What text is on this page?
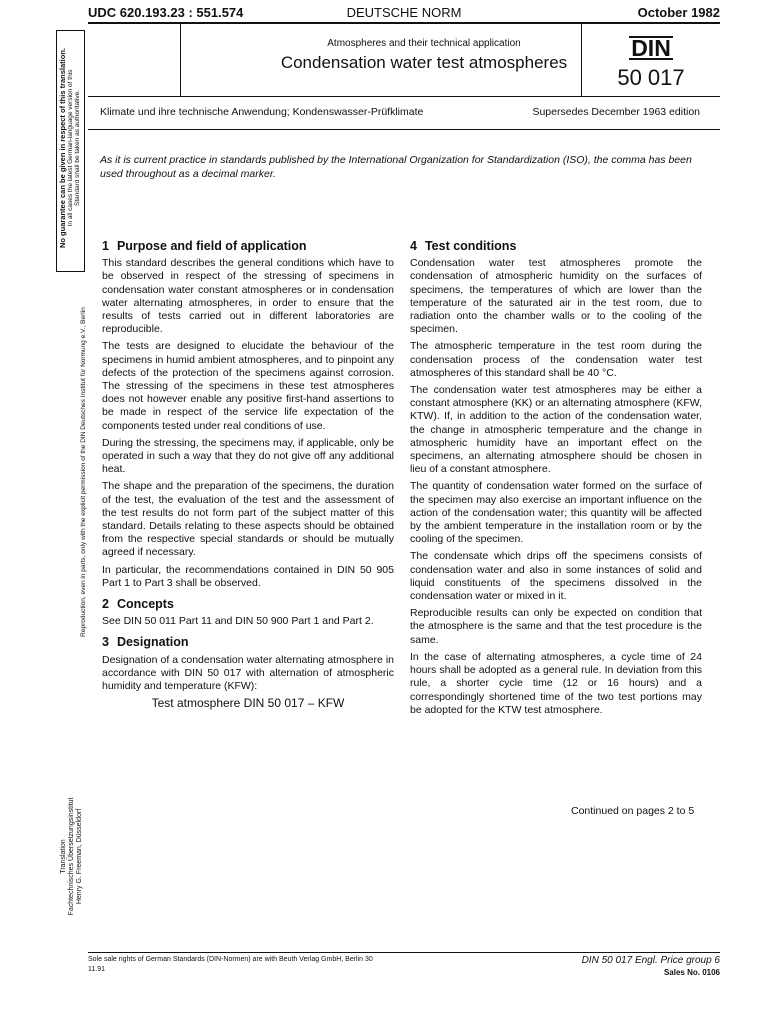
UDC 620.193.23 : 551.574	DEUTSCHE NORM	October 1982
Atmospheres and their technical application
Condensation water test atmospheres
DIN
50 017
Klimate und ihre technische Anwendung; Kondenswasser-Prüfklimate	Supersedes December 1963 edition
As it is current practice in standards published by the International Organization for Standardization (ISO), the comma has been used throughout as a decimal marker.
1 Purpose and field of application

This standard describes the general conditions which have to be observed in respect of the stressing of specimens in condensation water constant atmospheres or in condensation water alternating atmospheres, in order to ensure that the results of tests carried out in different laboratories are reproducible.

The tests are designed to elucidate the behaviour of the specimens in humid ambient atmospheres, and to pinpoint any defects of the protection of the specimens against corrosion. The stressing of the specimens in these test atmospheres does not however enable any positive first-hand assertions to be made in respect of the service life expectation of the components tested under real conditions of use.

During the stressing, the specimens may, if applicable, only be operated in such a way that they do not give off any additional heat.

The shape and the preparation of the specimens, the duration of the test, the evaluation of the test and the assessment of the test results do not form part of the subject matter of this standard. Details relating to these aspects should be obtained from the respective special standards or should be mutually agreed if necessary.

In particular, the recommendations contained in DIN 50 905 Part 1 to Part 3 shall be observed.

2 Concepts

See DIN 50 011 Part 11 and DIN 50 900 Part 1 and Part 2.

3 Designation

Designation of a condensation water alternating atmosphere in accordance with DIN 50 017 with alternation of atmospheric humidity and temperature (KFW):

Test atmosphere DIN 50 017 – KFW
4 Test conditions

Condensation water test atmospheres promote the condensation of atmospheric humidity on the surfaces of specimens, the temperatures of which are lower than the temperature of the saturated air in the test room, due to radiation onto the chamber walls or to the cooling of the specimen.

The atmospheric temperature in the test room during the condensation process of the condensation water test atmospheres of this standard shall be 40 °C.

The condensation water test atmospheres may be either a constant atmosphere (KK) or an alternating atmosphere (KFW, KTW). If, in addition to the action of the condensation water, the change in atmospheric temperature and the change in atmospheric humidity have an important effect on the specimens, an alternating atmosphere should be chosen in lieu of a constant atmosphere.

The quantity of condensation water formed on the surface of the specimen may also exercise an important influence on the action of the condensation water; this quantity will be affected by the ambient temperature in the installation room or by the cooling of the specimen.

The condensate which drips off the specimens consists of condensation water and also in some instances of solid and liquid constituents of the specimens dissolved in the condensation water or mixed in it.

Reproducible results can only be expected on condition that the atmosphere is the same and that the test procedure is the same.

In the case of alternating atmospheres, a cycle time of 24 hours shall be adopted as a general rule. In deviation from this rule, a shorter cycle time (12 or 16 hours) and a correspondingly shortened time of the two test portions may be adopted for the KTW test atmosphere.

Continued on pages 2 to 5
Sole sale rights of German Standards (DIN-Normen) are with Beuth Verlag GmbH, Berlin 30
11.91
DIN 50 017 Engl. Price group 6
Sales No. 0106
No guarantee can be given in respect of this translation. In all cases the latest German-language version of this Standard shall be taken as authoritative.
Reproduction, even in parts, only with the explicit permission of the DIN Deutsches Institut für Normung e.V., Berlin
Translation Fachtechnisches Übersetzungsinstitut Henry G. Freeman, Düsseldorf
